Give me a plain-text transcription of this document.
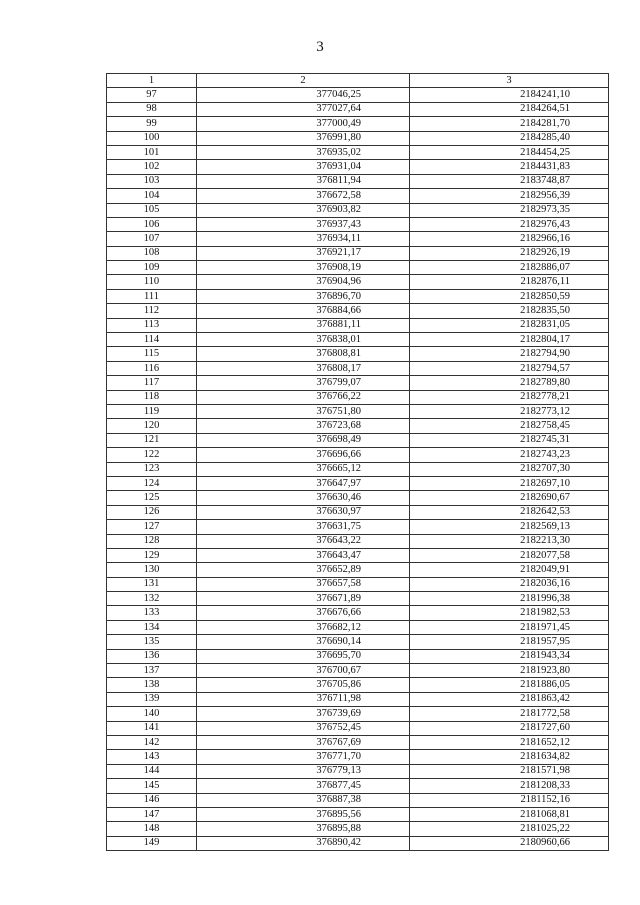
3
1	2	3
97	377046,25	2184241,10
98	377027,64	2184264,51
99	377000,49	2184281,70
100	376991,80	2184285,40
101	376935,02	2184454,25
102	376931,04	2184431,83
103	376811,94	2183748,87
104	376672,58	2182956,39
105	376903,82	2182973,35
106	376937,43	2182976,43
107	376934,11	2182966,16
108	376921,17	2182926,19
109	376908,19	2182886,07
110	376904,96	2182876,11
111	376896,70	2182850,59
112	376884,66	2182835,50
113	376881,11	2182831,05
114	376838,01	2182804,17
115	376808,81	2182794,90
116	376808,17	2182794,57
117	376799,07	2182789,80
118	376766,22	2182778,21
119	376751,80	2182773,12
120	376723,68	2182758,45
121	376698,49	2182745,31
122	376696,66	2182743,23
123	376665,12	2182707,30
124	376647,97	2182697,10
125	376630,46	2182690,67
126	376630,97	2182642,53
127	376631,75	2182569,13
128	376643,22	2182213,30
129	376643,47	2182077,58
130	376652,89	2182049,91
131	376657,58	2182036,16
132	376671,89	2181996,38
133	376676,66	2181982,53
134	376682,12	2181971,45
135	376690,14	2181957,95
136	376695,70	2181943,34
137	376700,67	2181923,80
138	376705,86	2181886,05
139	376711,98	2181863,42
140	376739,69	2181772,58
141	376752,45	2181727,60
142	376767,69	2181652,12
143	376771,70	2181634,82
144	376779,13	2181571,98
145	376877,45	2181208,33
146	376887,38	2181152,16
147	376895,56	2181068,81
148	376895,88	2181025,22
149	376890,42	2180960,66
